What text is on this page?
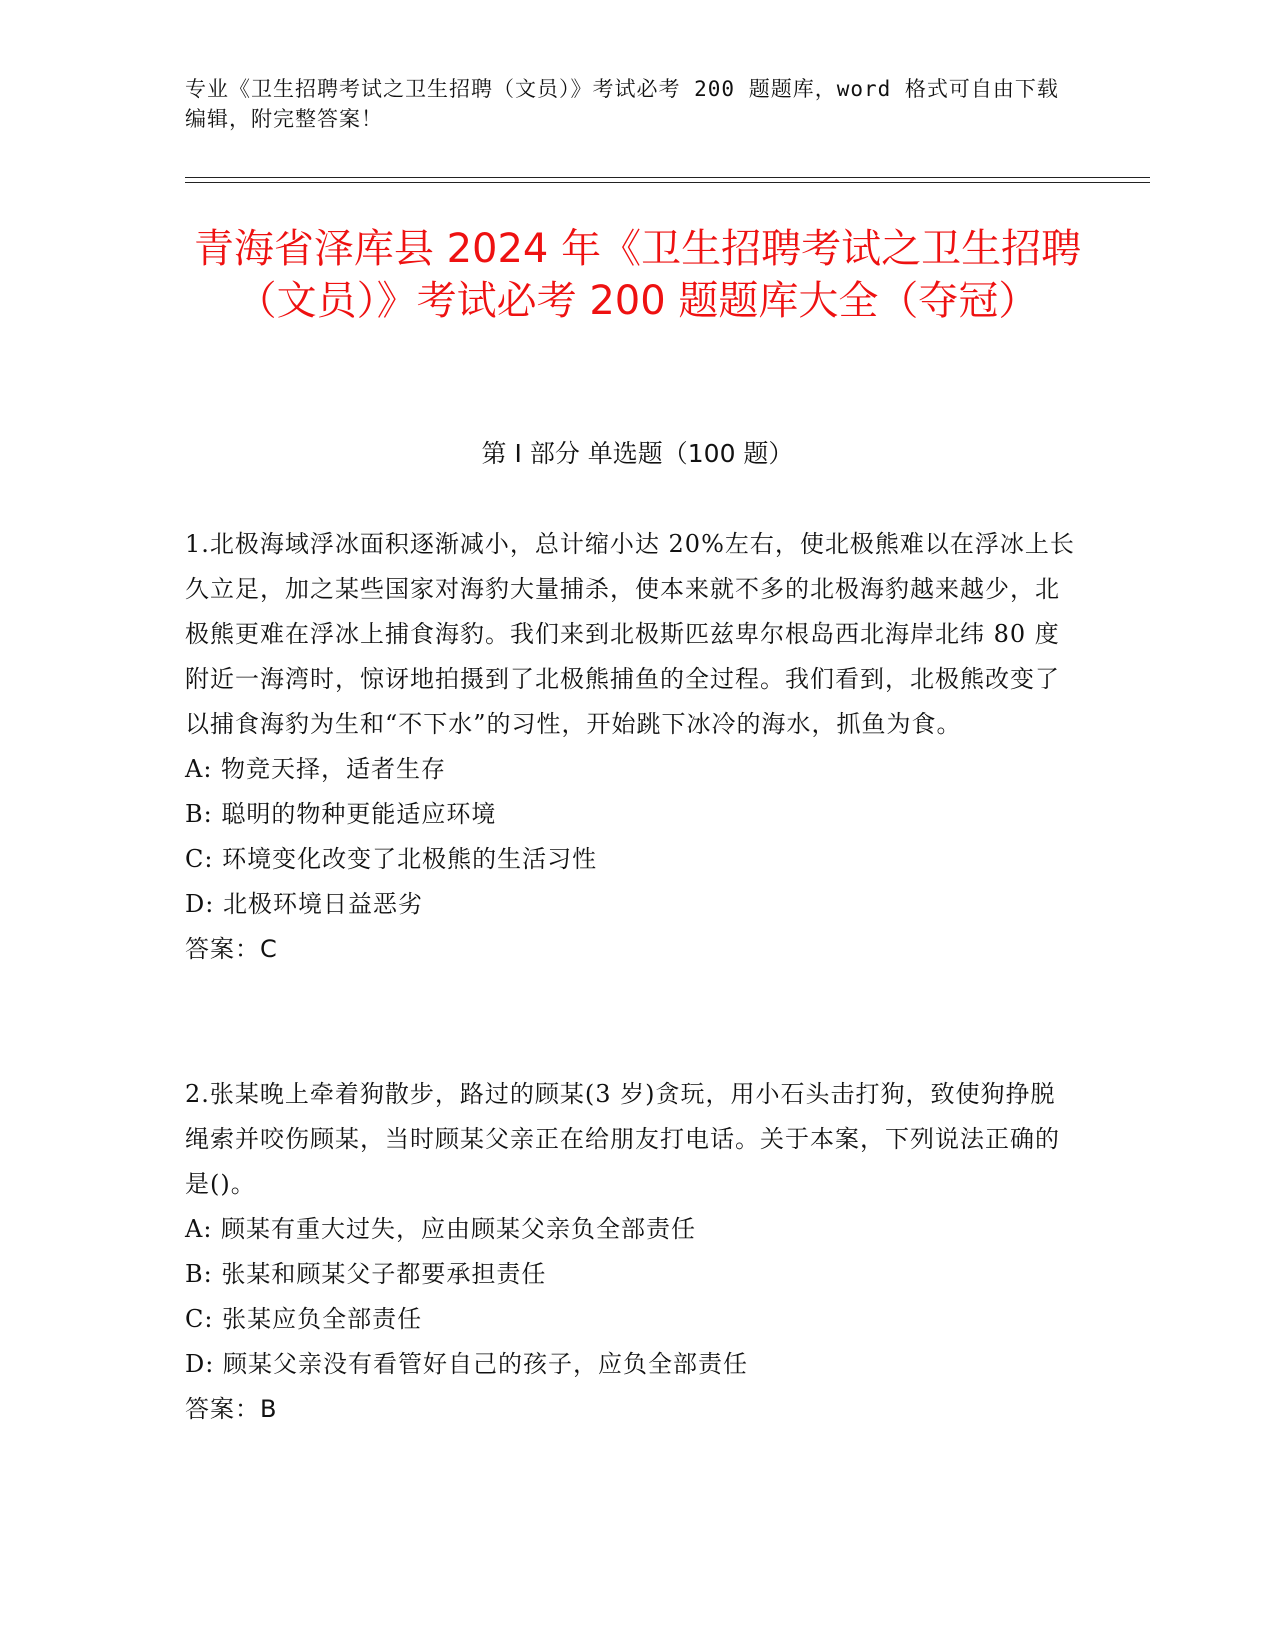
专业《卫生招聘考试之卫生招聘（文员）》考试必考 200 题题库，word 格式可自由下载编辑，附完整答案！
青海省泽库县 2024 年《卫生招聘考试之卫生招聘（文员）》考试必考 200 题题库大全（夺冠）
第 I 部分 单选题（100 题）

1.北极海域浮冰面积逐渐减小，总计缩小达 20%左右，使北极熊难以在浮冰上长久立足，加之某些国家对海豹大量捕杀，使本来就不多的北极海豹越来越少，北极熊更难在浮冰上捕食海豹。我们来到北极斯匹兹卑尔根岛西北海岸北纬 80 度附近一海湾时，惊讶地拍摄到了北极熊捕鱼的全过程。我们看到，北极熊改变了以捕食海豹为生和“不下水”的习性，开始跳下冰冷的海水，抓鱼为食。

A: 物竞天择，适者生存

B: 聪明的物种更能适应环境

C: 环境变化改变了北极熊的生活习性

D: 北极环境日益恶劣

答案：C

2.张某晚上牵着狗散步，路过的顾某(3 岁)贪玩，用小石头击打狗，致使狗挣脱绳索并咬伤顾某，当时顾某父亲正在给朋友打电话。关于本案，下列说法正确的是()。

A: 顾某有重大过失，应由顾某父亲负全部责任

B: 张某和顾某父子都要承担责任

C: 张某应负全部责任

D: 顾某父亲没有看管好自己的孩子，应负全部责任

答案：B
